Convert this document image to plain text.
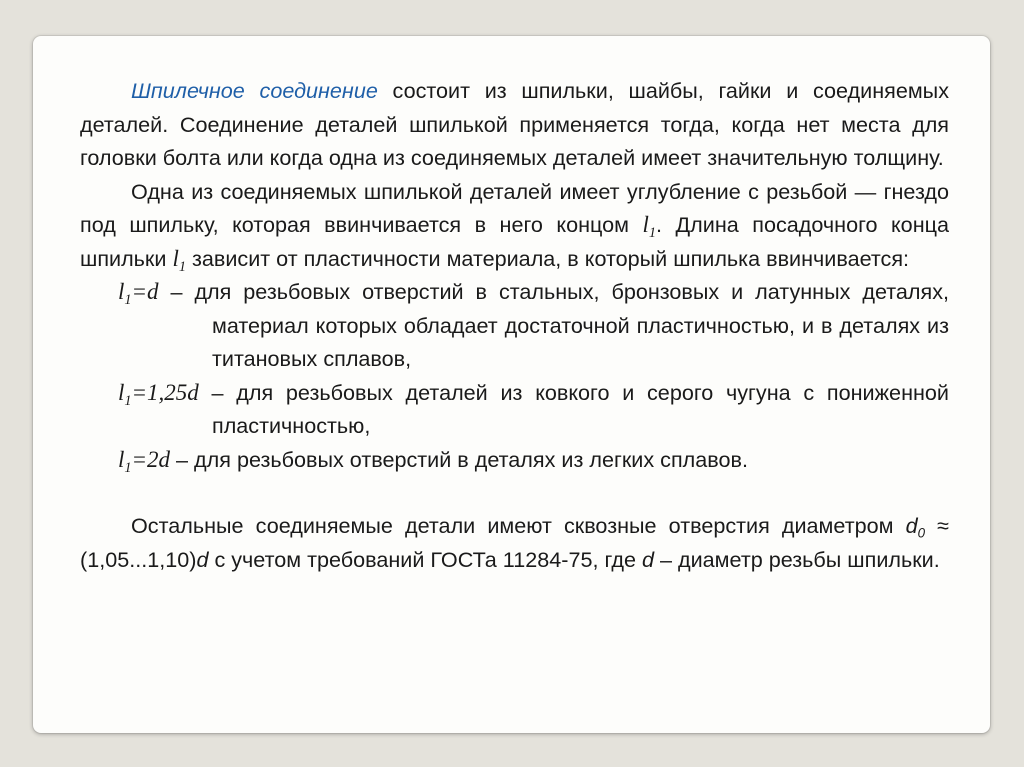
Шпилечное соединение состоит из шпильки, шайбы, гайки и соединяемых деталей. Соединение деталей шпилькой применяется тогда, когда нет места для головки болта или когда одна из соединяемых деталей имеет значительную толщину.

Одна из соединяемых шпилькой деталей имеет углубление с резьбой — гнездо под шпильку, которая ввинчивается в него концом $l_1$. Длина посадочного конца шпильки $l_1$ зависит от пластичности материала, в который шпилька ввинчивается:

$l_1=d$ – для резьбовых отверстий в стальных, бронзовых и латунных деталях, материал которых обладает достаточной пластичностью, и в деталях из титановых сплавов,

$l_1=1,25d$ – для резьбовых деталей из ковкого и серого чугуна с пониженной пластичностью,

$l_1=2d$ – для резьбовых отверстий в деталях из легких сплавов.

Остальные соединяемые детали имеют сквозные отверстия диаметром $d_0 \approx (1,05...1,10)d$ с учетом требований ГОСТа 11284-75, где d – диаметр резьбы шпильки.
